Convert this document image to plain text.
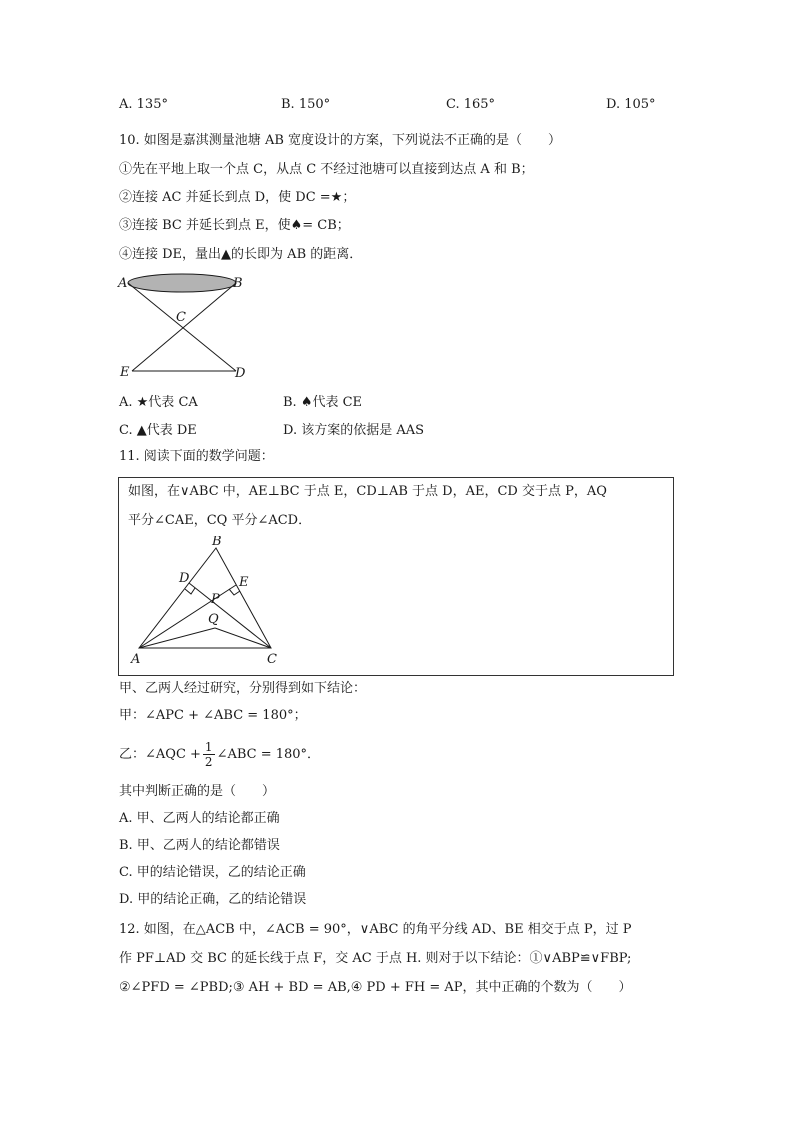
A. 135°	B. 150°	C. 165°	D. 105°
10. 如图是嘉淇测量池塘 AB 宽度设计的方案，下列说法不正确的是（　　）
①先在平地上取一个点 C，从点 C 不经过池塘可以直接到达点 A 和 B；
②连接 AC 并延长到点 D，使 DC =★；
③连接 BC 并延长到点 E，使♠= CB；
④连接 DE，量出▲的长即为 AB 的距离．
A	B
C
E	D
A. ★代表 CA	B. ♠代表 CE
C. ▲代表 DE	D. 该方案的依据是 AAS
11. 阅读下面的数学问题：
如图，在∨ABC 中，AE⊥BC 于点 E，CD⊥AB 于点 D，AE，CD 交于点 P，AQ
平分∠CAE，CQ 平分∠ACD．
B
D	E
P
Q
A	C
甲、乙两人经过研究，分别得到如下结论：
甲：∠APC + ∠ABC = 180°；
乙：∠AQC + $\frac{1}{2}$ ∠ABC = 180°．
其中判断正确的是（　　）
A. 甲、乙两人的结论都正确
B. 甲、乙两人的结论都错误
C. 甲的结论错误，乙的结论正确
D. 甲的结论正确，乙的结论错误
12. 如图，在△ACB 中，∠ACB = 90°，∨ABC 的角平分线 AD、BE 相交于点 P，过 P
作 PF⊥AD 交 BC 的延长线于点 F，交 AC 于点 H. 则对于以下结论：①∨ABP≌∨FBP;
②∠PFD = ∠PBD;③ AH + BD = AB,④ PD + FH = AP，其中正确的个数为（　　）
